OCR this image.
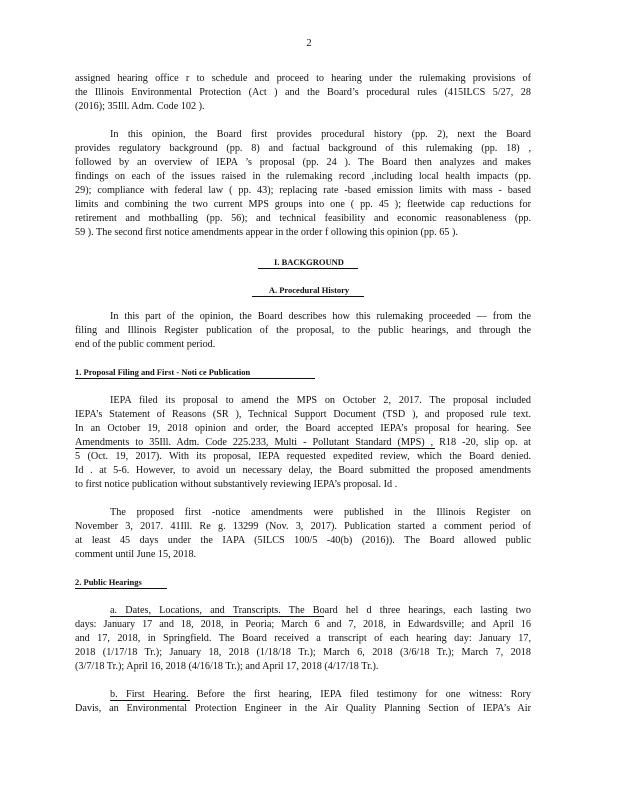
2
assigned hearing office r to schedule and proceed to hearing under the rulemaking provisions of
the Illinois Environmental Protection (Act ) and the Board’s procedural rules (415ILCS 5/27, 28
(2016); 35Ill. Adm. Code 102 ).
In this opinion, the Board first provides procedural history (pp. 2), next the Board
provides regulatory background (pp. 8) and factual background of this rulemaking (pp. 18) ,
followed by an overview of IEPA ’s proposal (pp. 24 ). The Board then analyzes and makes
findings on each of the issues raised in the rulemaking record ,including local health impacts (pp.
29); compliance with federal law ( pp. 43); replacing rate -based emission limits with mass - based
limits and combining the two current MPS groups into one ( pp. 45 ); fleetwide cap reductions for
retirement and mothballing (pp. 56); and technical feasibility and economic reasonableness (pp.
59 ). The second first notice amendments appear in the order f ollowing this opinion (pp. 65 ).
I. BACKGROUND
A. Procedural History
In this part of the opinion, the Board describes how this rulemaking proceeded — from the
filing and Illinois Register publication of the proposal, to the public hearings, and through the
end of the public comment period.
1. Proposal Filing and First - Noti ce Publication
IEPA filed its proposal to amend the MPS on October 2, 2017. The proposal included
IEPA’s Statement of Reasons (SR ), Technical Support Document (TSD ), and proposed rule text.
In an October 19, 2018 opinion and order, the Board accepted IEPA’s proposal for hearing. See
Amendments to 35Ill. Adm. Code 225.233, Multi - Pollutant Standard (MPS) , R18 -20, slip op. at
5 (Oct. 19, 2017). With its proposal, IEPA requested expedited review, which the Board denied.
Id . at 5-6. However, to avoid un necessary delay, the Board submitted the proposed amendments
to first notice publication without substantively reviewing IEPA’s proposal. Id .
The proposed first -notice amendments were published in the Illinois Register on
November 3, 2017. 41Ill. Re g. 13299 (Nov. 3, 2017). Publication started a comment period of
at least 45 days under the IAPA (5ILCS 100/5 -40(b) (2016)). The Board allowed public
comment until June 15, 2018.
2. Public Hearings
a. Dates, Locations, and Transcripts. The Board hel d three hearings, each lasting two
days: January 17 and 18, 2018, in Peoria; March 6 and 7, 2018, in Edwardsville; and April 16
and 17, 2018, in Springfield. The Board received a transcript of each hearing day: January 17,
2018 (1/17/18 Tr.); January 18, 2018 (1/18/18 Tr.); March 6, 2018 (3/6/18 Tr.); March 7, 2018
(3/7/18 Tr.); April 16, 2018 (4/16/18 Tr.); and April 17, 2018 (4/17/18 Tr.).
b. First Hearing. Before the first hearing, IEPA filed testimony for one witness: Rory
Davis, an Environmental Protection Engineer in the Air Quality Planning Section of IEPA’s Air
